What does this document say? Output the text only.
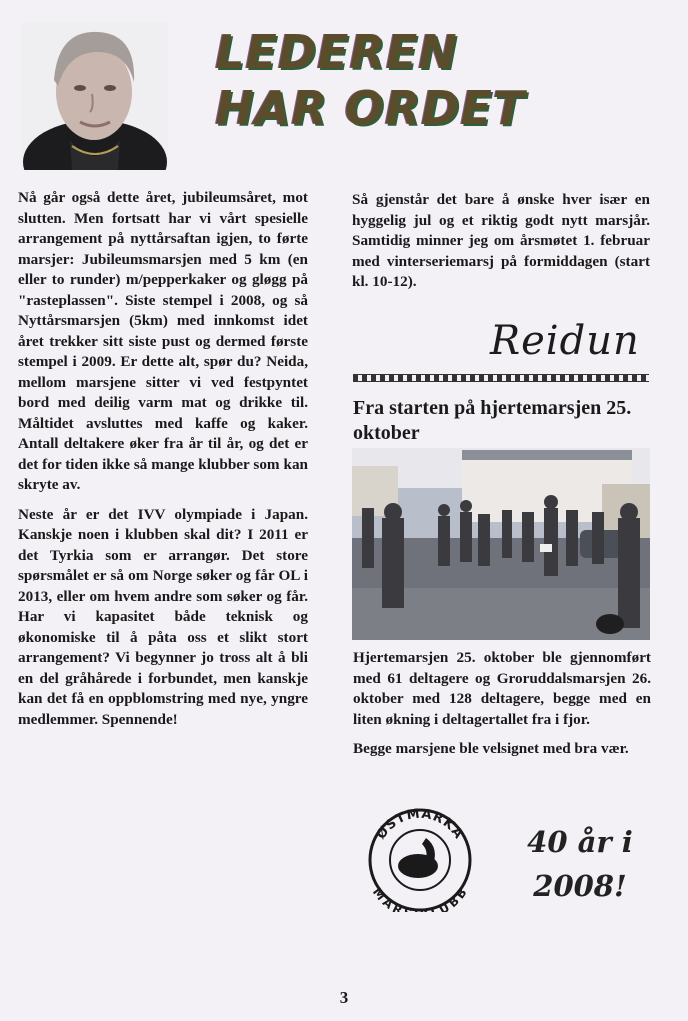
LEDEREN
HAR ORDET

Nå går også dette året, jubileumsåret, mot slutten. Men fortsatt har vi vårt spesielle arrangement på nyttårsaftan igjen, to førte marsjer: Jubileumsmarsjen med 5 km (en eller to runder) m/pepperkaker og gløgg på "rasteplassen". Siste stempel i 2008, og så Nyttårsmarsjen (5km) med innkomst idet året trekker sitt siste pust og dermed første stempel i 2009. Er dette alt, spør du? Neida, mellom marsjene sitter vi ved festpyntet bord med deilig varm mat og drikke til. Måltidet avsluttes med kaffe og kaker. Antall deltakere øker fra år til år, og det er det for tiden ikke så mange klubber som kan skryte av.

Neste år er det IVV olympiade i Japan. Kanskje noen i klubben skal dit? I 2011 er det Tyrkia som er arrangør. Det store spørsmålet er så om Norge søker og får OL i 2013, eller om hvem andre som søker og får. Har vi kapasitet både teknisk og økonomiske til å påta oss et slikt stort arrangement? Vi begynner jo tross alt å bli en del gråhårede i forbundet, men kanskje kan det få en oppblomstring med nye, yngre medlemmer. Spennende!

Så gjenstår det bare å ønske hver især en hyggelig jul og et riktig godt nytt marsjår. Samtidig minner jeg om årsmøtet 1. februar med vinterseriemarsj på formiddagen (start kl. 10-12).

Reidun
Fra starten på hjertemarsjen 25. oktober

Hjertemarsjen 25. oktober ble gjennomført med 61 deltagere og Groruddalsmarsjen 26. oktober med 128 deltagere, begge med en liten økning i deltagertallet fra i fjor.

Begge marsjene ble velsignet med bra vær.

ØSTMARKA
MAR UBB
40 år i
2008!
3
